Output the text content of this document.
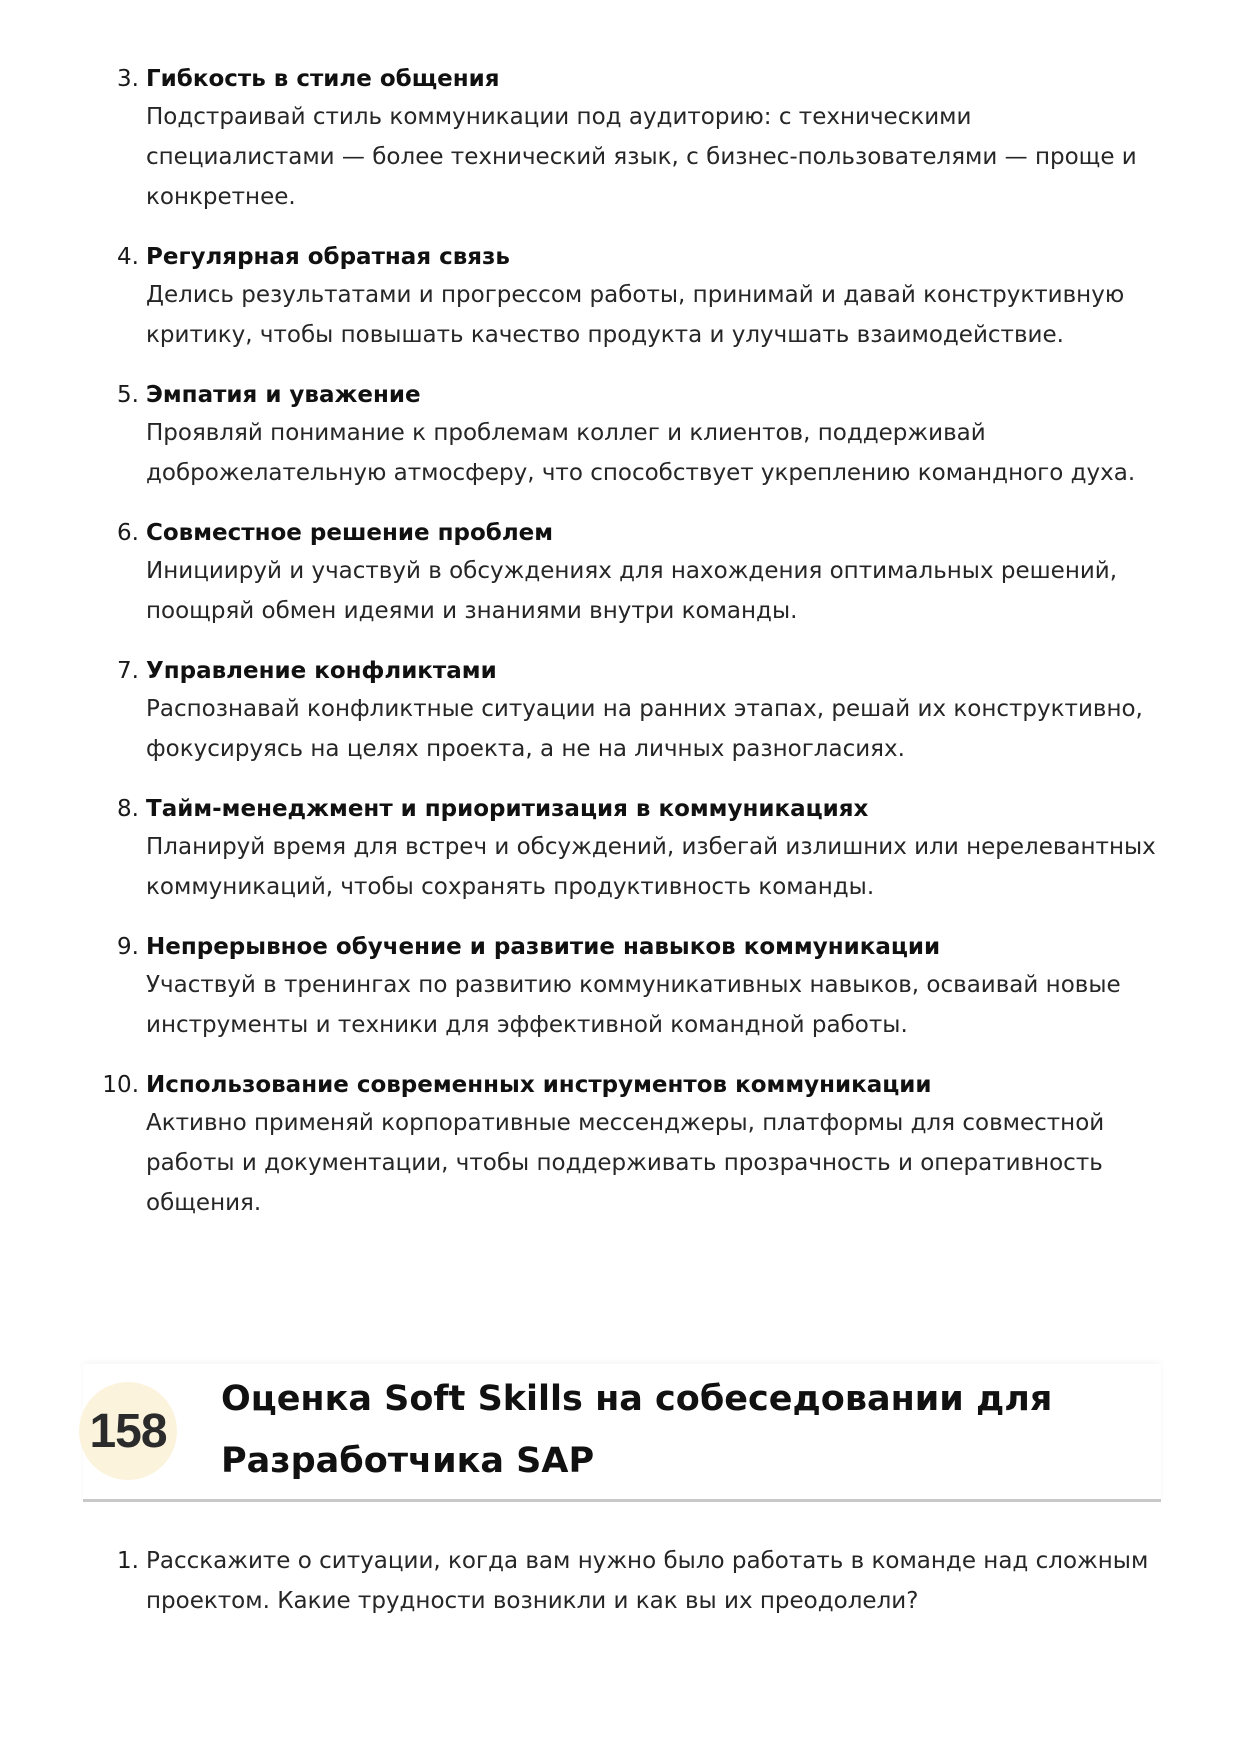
3. Гибкость в стиле общения
Подстраивай стиль коммуникации под аудиторию: с техническими специалистами — более технический язык, с бизнес-пользователями — проще и конкретнее.
4. Регулярная обратная связь
Делись результатами и прогрессом работы, принимай и давай конструктивную критику, чтобы повышать качество продукта и улучшать взаимодействие.
5. Эмпатия и уважение
Проявляй понимание к проблемам коллег и клиентов, поддерживай доброжелательную атмосферу, что способствует укреплению командного духа.
6. Совместное решение проблем
Инициируй и участвуй в обсуждениях для нахождения оптимальных решений, поощряй обмен идеями и знаниями внутри команды.
7. Управление конфликтами
Распознавай конфликтные ситуации на ранних этапах, решай их конструктивно, фокусируясь на целях проекта, а не на личных разногласиях.
8. Тайм-менеджмент и приоритизация в коммуникациях
Планируй время для встреч и обсуждений, избегай излишних или нерелевантных коммуникаций, чтобы сохранять продуктивность команды.
9. Непрерывное обучение и развитие навыков коммуникации
Участвуй в тренингах по развитию коммуникативных навыков, осваивай новые инструменты и техники для эффективной командной работы.
10. Использование современных инструментов коммуникации
Активно применяй корпоративные мессенджеры, платформы для совместной работы и документации, чтобы поддерживать прозрачность и оперативность общения.
158
Оценка Soft Skills на собеседовании для Разработчика SAP
1. Расскажите о ситуации, когда вам нужно было работать в команде над сложным проектом. Какие трудности возникли и как вы их преодолели?
